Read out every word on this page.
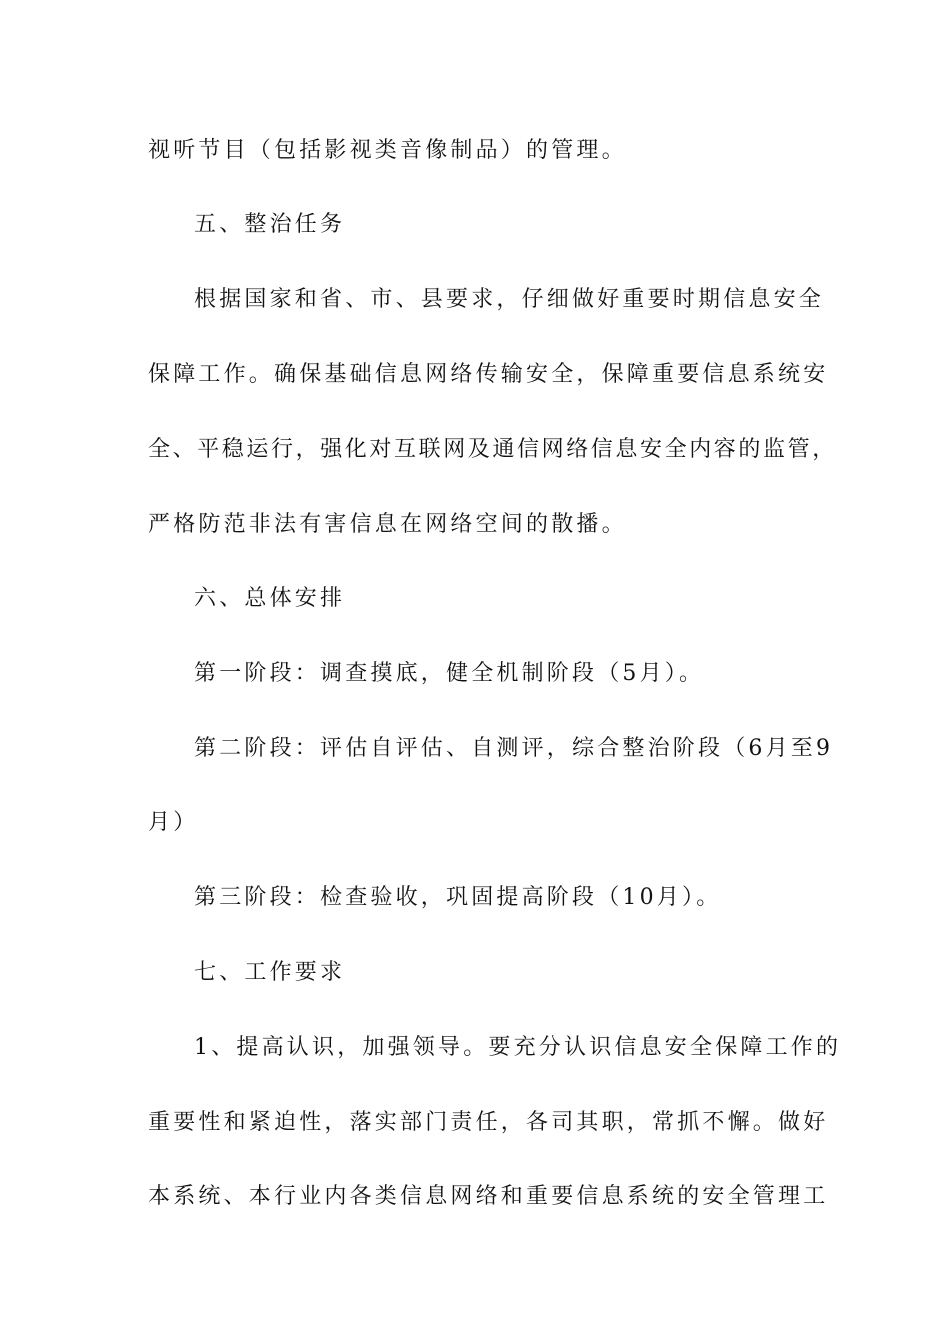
视听节目（包括影视类音像制品）的管理。
五、整治任务
根据国家和省、市、县要求，仔细做好重要时期信息安全
保障工作。确保基础信息网络传输安全，保障重要信息系统安
全、平稳运行，强化对互联网及通信网络信息安全内容的监管，
严格防范非法有害信息在网络空间的散播。
六、总体安排
第一阶段：调查摸底，健全机制阶段（5月）。
第二阶段：评估自评估、自测评，综合整治阶段（6月至9
月）
第三阶段：检查验收，巩固提高阶段（10月）。
七、工作要求
1、提高认识，加强领导。要充分认识信息安全保障工作的
重要性和紧迫性，落实部门责任，各司其职，常抓不懈。做好
本系统、本行业内各类信息网络和重要信息系统的安全管理工
